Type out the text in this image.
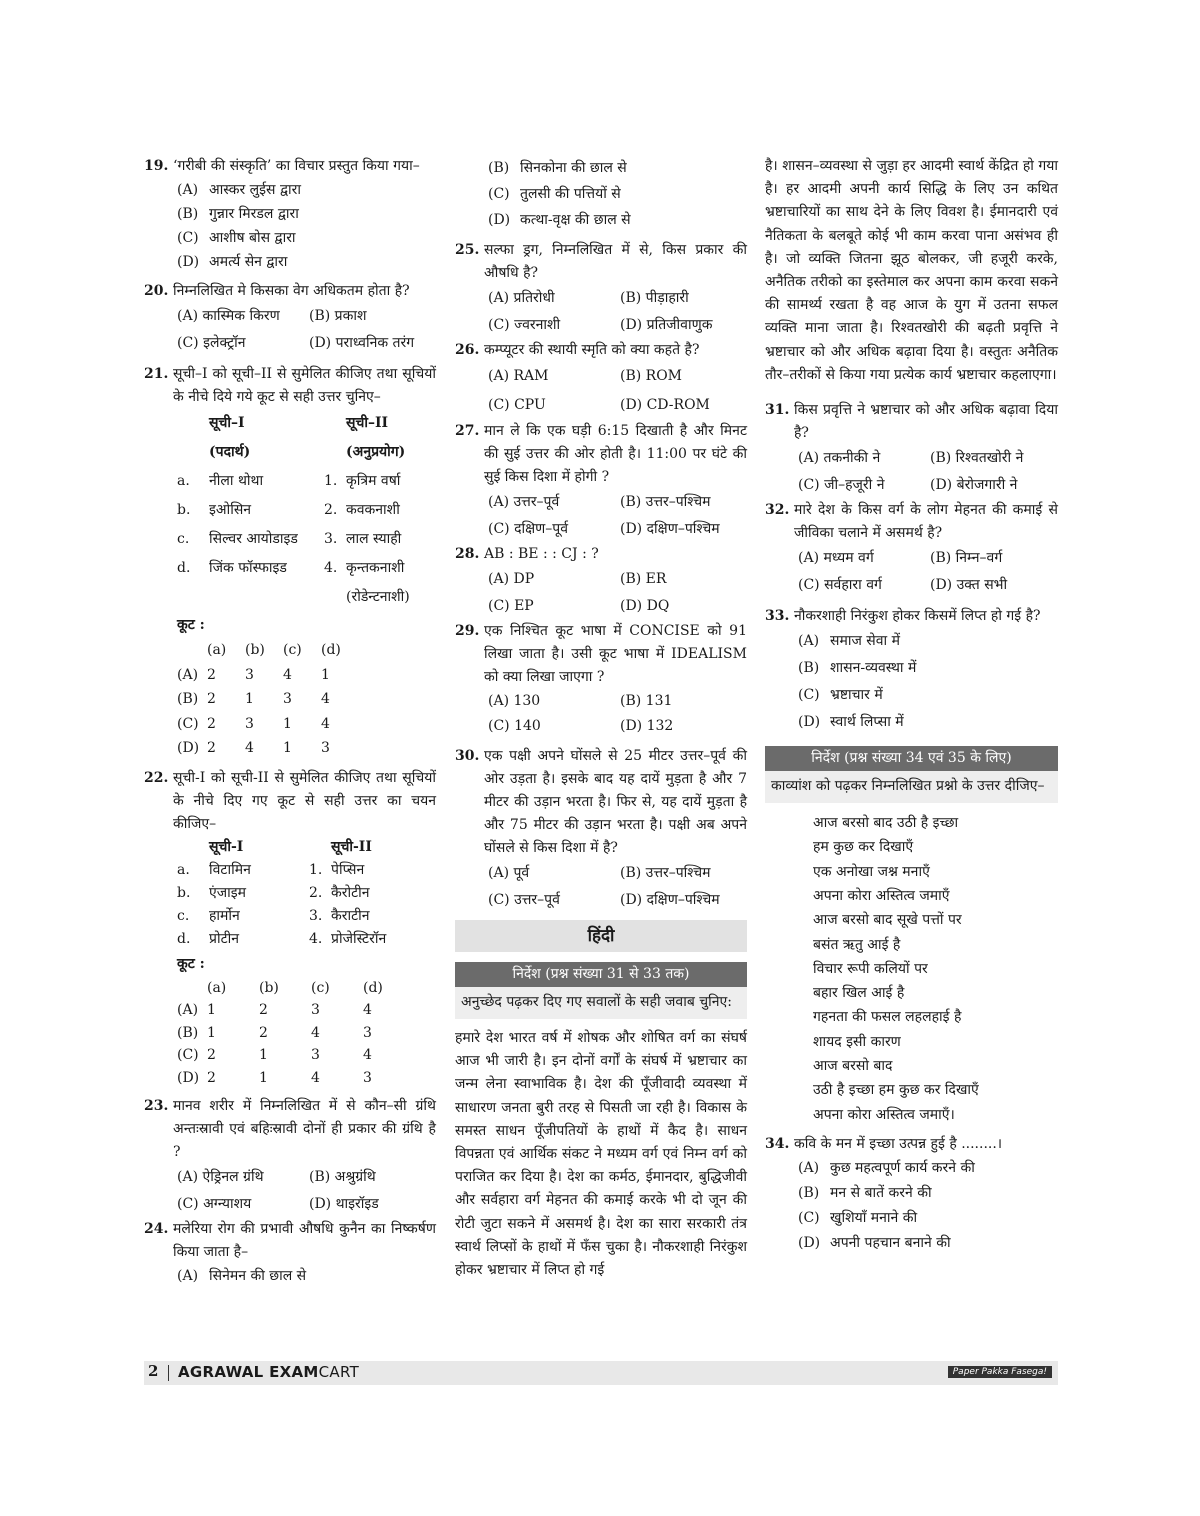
19. ‘गरीबी की संस्कृति’ का विचार प्रस्तुत किया गया–
(A) आस्कर लुईस द्वारा
(B) गुन्नार मिरडल द्वारा
(C) आशीष बोस द्वारा
(D) अमर्त्य सेन द्वारा
20. निम्नलिखित मे किसका वेग अधिकतम होता है?
(A) कास्मिक किरण	(B) प्रकाश
(C) इलेक्ट्रॉन	(D) पराध्वनिक तरंग
21. सूची–I को सूची–II से सुमेलित कीजिए तथा सूचियों के नीचे दिये गये कूट से सही उत्तर चुनिए–
सूची–I	सूची–II
(पदार्थ)	(अनुप्रयोग)
a.	नीला थोथा	1. कृत्रिम वर्षा
b.	इओसिन	2. कवकनाशी
c.	सिल्वर आयोडाइड	3. लाल स्याही
d.	जिंक फॉस्फाइड	4. कृन्तकनाशी
(रोडेन्टनाशी)
कूट :
(a)	(b)	(c)	(d)
(A) 2	3	4	1
(B) 2	1	3	4
(C) 2	3	1	4
(D) 2	4	1	3
22. सूची-I को सूची-II से सुमेलित कीजिए तथा सूचियों के नीचे दिए गए कूट से सही उत्तर का चयन कीजिए–
सूची-I	सूची-II
a.	विटामिन	1. पेप्सिन
b.	एंजाइम	2. कैरोटीन
c.	हार्मोन	3. कैराटीन
d.	प्रोटीन	4. प्रोजेस्टिरॉन
कूट :
(a)	(b)	(c)	(d)
(A) 1	2	3	4
(B) 1	2	4	3
(C) 2	1	3	4
(D) 2	1	4	3
23. मानव शरीर में निम्नलिखित में से कौन–सी ग्रंथि अन्तःस्रावी एवं बहिःस्रावी दोनों ही प्रकार की ग्रंथि है ?
(A) ऐड्रिनल ग्रंथि	(B) अश्रुग्रंथि
(C) अग्न्याशय	(D) थाइरॉइड
24. मलेरिया रोग की प्रभावी औषधि कुनैन का निष्कर्षण किया जाता है–
(A) सिनेमन की छाल से
(B) सिनकोना की छाल से
(C) तुलसी की पत्तियों से
(D) कत्था-वृक्ष की छाल से
25. सल्फा ड्रग, निम्नलिखित में से, किस प्रकार की औषधि है?
(A) प्रतिरोधी	(B) पीड़ाहारी
(C) ज्वरनाशी	(D) प्रतिजीवाणुक
26. कम्प्यूटर की स्थायी स्मृति को क्या कहते है?
(A) RAM	(B) ROM
(C) CPU	(D) CD-ROM
27. मान ले कि एक घड़ी 6:15 दिखाती है और मिनट की सुई उत्तर की ओर होती है। 11:00 पर घंटे की सुई किस दिशा में होगी ?
(A) उत्तर–पूर्व	(B) उत्तर–पश्चिम
(C) दक्षिण–पूर्व	(D) दक्षिण–पश्चिम
28. AB : BE : : CJ : ?
(A) DP	(B) ER
(C) EP	(D) DQ
29. एक निश्चित कूट भाषा में CONCISE को 91 लिखा जाता है। उसी कूट भाषा में IDEALISM को क्या लिखा जाएगा ?
(A) 130	(B) 131
(C) 140	(D) 132
30. एक पक्षी अपने घोंसले से 25 मीटर उत्तर–पूर्व की ओर उड़ता है। इसके बाद यह दायें मुड़ता है और 7 मीटर की उड़ान भरता है। फिर से, यह दायें मुड़ता है और 75 मीटर की उड़ान भरता है। पक्षी अब अपने घोंसले से किस दिशा में है?
(A) पूर्व	(B) उत्तर–पश्चिम
(C) उत्तर–पूर्व	(D) दक्षिण–पश्चिम
हिंदी
निर्देश (प्रश्न संख्या 31 से 33 तक)
अनुच्छेद पढ़कर दिए गए सवालों के सही जवाब चुनिए:
हमारे देश भारत वर्ष में शोषक और शोषित वर्ग का संघर्ष आज भी जारी है। इन दोनों वर्गों के संघर्ष में भ्रष्टाचार का जन्म लेना स्वाभाविक है। देश की पूँजीवादी व्यवस्था में साधारण जनता बुरी तरह से पिसती जा रही है। विकास के समस्त साधन पूँजीपतियों के हाथों में कैद है। साधन विपन्नता एवं आर्थिक संकट ने मध्यम वर्ग एवं निम्न वर्ग को पराजित कर दिया है। देश का कर्मठ, ईमानदार, बुद्धिजीवी और सर्वहारा वर्ग मेहनत की कमाई करके भी दो जून की रोटी जुटा सकने में असमर्थ है। देश का सारा सरकारी तंत्र स्वार्थ लिप्सों के हाथों में फँस चुका है। नौकरशाही निरंकुश होकर भ्रष्टाचार में लिप्त हो गई
है। शासन–व्यवस्था से जुड़ा हर आदमी स्वार्थ केंद्रित हो गया है। हर आदमी अपनी कार्य सिद्धि के लिए उन कथित भ्रष्टाचारियों का साथ देने के लिए विवश है। ईमानदारी एवं नैतिकता के बलबूते कोई भी काम करवा पाना असंभव ही है। जो व्यक्ति जितना झूठ बोलकर, जी हजूरी करके, अनैतिक तरीको का इस्तेमाल कर अपना काम करवा सकने की सामर्थ्य रखता है वह आज के युग में उतना सफल व्यक्ति माना जाता है। रिश्वतखोरी की बढ़ती प्रवृत्ति ने भ्रष्टाचार को और अधिक बढ़ावा दिया है। वस्तुतः अनैतिक तौर–तरीकों से किया गया प्रत्येक कार्य भ्रष्टाचार कहलाएगा।
31. किस प्रवृत्ति ने भ्रष्टाचार को और अधिक बढ़ावा दिया है?
(A) तकनीकी ने	(B) रिश्वतखोरी ने
(C) जी–हजूरी ने	(D) बेरोजगारी ने
32. मारे देश के किस वर्ग के लोग मेहनत की कमाई से जीविका चलाने में असमर्थ है?
(A) मध्यम वर्ग	(B) निम्न–वर्ग
(C) सर्वहारा वर्ग	(D) उक्त सभी
33. नौकरशाही निरंकुश होकर किसमें लिप्त हो गई है?
(A) समाज सेवा में
(B) शासन-व्यवस्था में
(C) भ्रष्टाचार में
(D) स्वार्थ लिप्सा में
निर्देश (प्रश्न संख्या 34 एवं 35 के लिए)
काव्यांश को पढ़कर निम्नलिखित प्रश्नो के उत्तर दीजिए–
आज बरसो बाद उठी है इच्छा
हम कुछ कर दिखाएँ
एक अनोखा जश्न मनाएँ
अपना कोरा अस्तित्व जमाएँ
आज बरसो बाद सूखे पत्तों पर
बसंत ऋतु आई है
विचार रूपी कलियों पर
बहार खिल आई है
गहनता की फसल लहलहाई है
शायद इसी कारण
आज बरसो बाद
उठी है इच्छा हम कुछ कर दिखाएँ
अपना कोरा अस्तित्व जमाएँ।
34. कवि के मन में इच्छा उत्पन्न हुई है ........।
(A) कुछ महत्वपूर्ण कार्य करने की
(B) मन से बातें करने की
(C) खुशियाँ मनाने की
(D) अपनी पहचान बनाने की
2 AGRAWAL EXAMCART	Paper Pakka Fasega!
